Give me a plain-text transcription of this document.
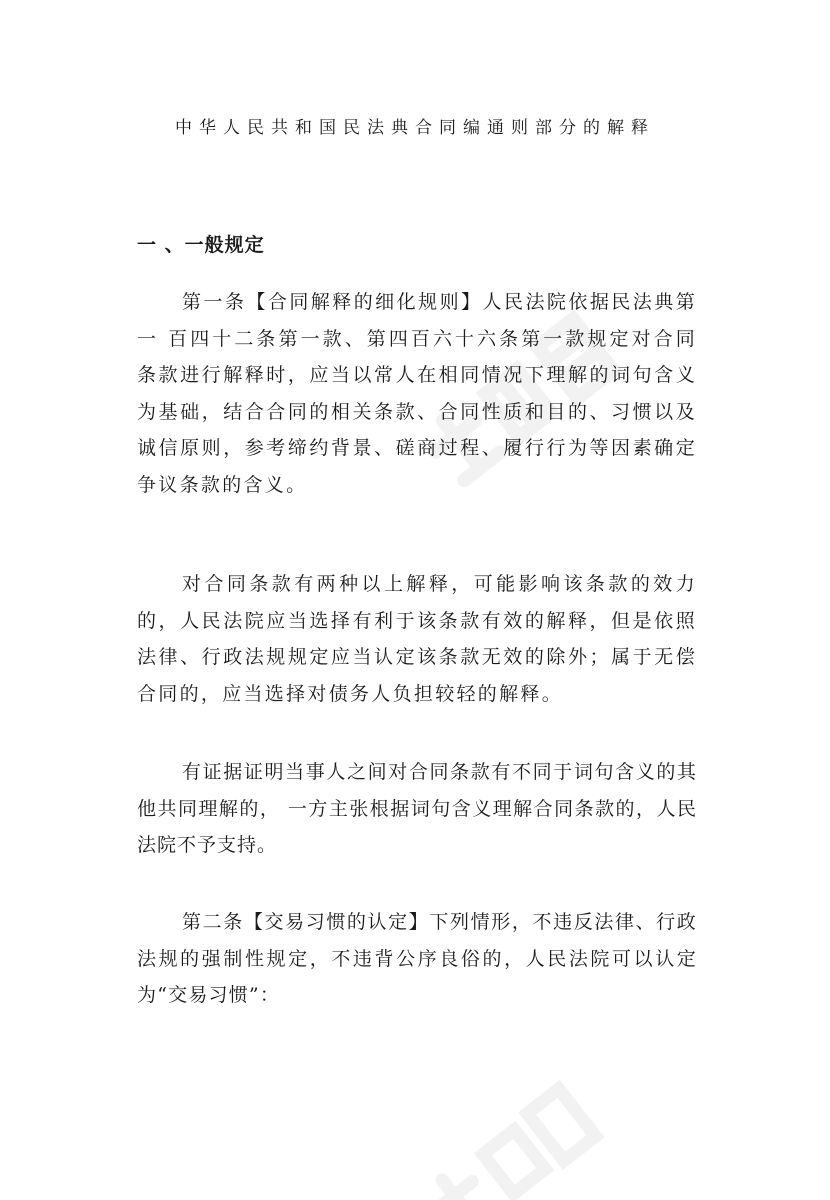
中华人民共和国民法典合同编通则部分的解释
一 、一般规定

第一条【合同解释的细化规则】人民法院依据民法典第一 百四十二条第一款、第四百六十六条第一款规定对合同条款进行解释时，应当以常人在相同情况下理解的词句含义为基础，结合合同的相关条款、合同性质和目的、习惯以及诚信原则，参考缔约背景、磋商过程、履行行为等因素确定争议条款的含义。

对合同条款有两种以上解释，可能影响该条款的效力的，人民法院应当选择有利于该条款有效的解释，但是依照法律、行政法规规定应当认定该条款无效的除外；属于无偿合同的，应当选择对债务人负担较轻的解释。

有证据证明当事人之间对合同条款有不同于词句含义的其他共同理解的， 一方主张根据词句含义理解合同条款的，人民法院不予支持。

第二条【交易习惯的认定】下列情形，不违反法律、行政法规的强制性规定，不违背公序良俗的，人民法院可以认定为“交易习惯”：
